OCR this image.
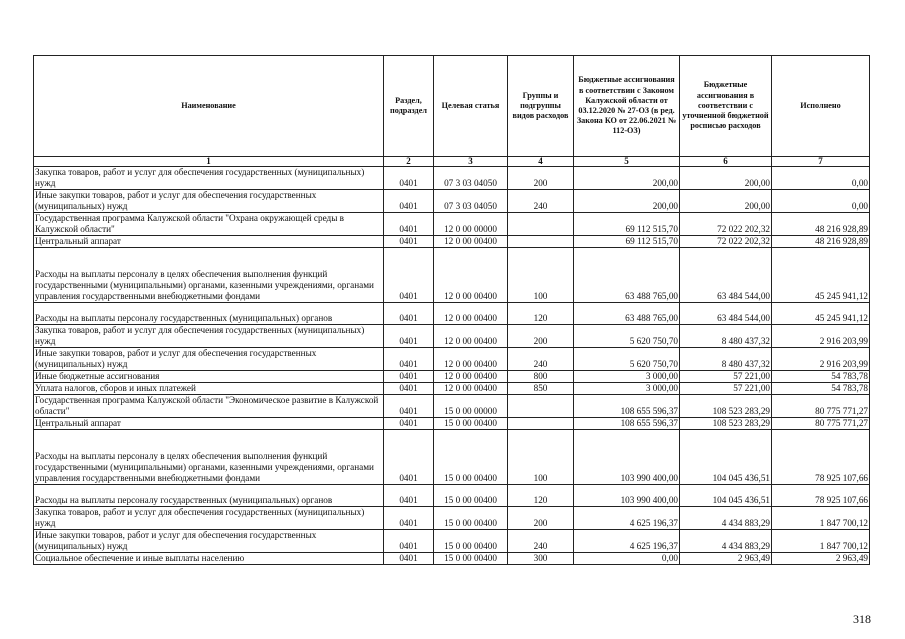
Наименование	Раздел, подраздел	Целевая статья	Группы и подгруппы видов расходов	Бюджетные ассигнования в соответствии с Законом Калужской области от 03.12.2020 № 27-ОЗ (в ред. Закона КО от 22.06.2021 № 112-ОЗ)	Бюджетные ассигнования в соответствии с уточненной бюджетной росписью расходов	Исполнено
1	2	3	4	5	6	7
Закупка товаров, работ и услуг для обеспечения государственных (муниципальных) нужд	0401	07 3 03 04050	200	200,00	200,00	0,00
Иные закупки товаров, работ и услуг для обеспечения государственных (муниципальных) нужд	0401	07 3 03 04050	240	200,00	200,00	0,00
Государственная программа Калужской области "Охрана окружающей среды в Калужской области"	0401	12 0 00 00000		69 112 515,70	72 022 202,32	48 216 928,89
Центральный аппарат	0401	12 0 00 00400		69 112 515,70	72 022 202,32	48 216 928,89
Расходы на выплаты персоналу в целях обеспечения выполнения функций государственными (муниципальными) органами, казенными учреждениями, органами управления государственными внебюджетными фондами	0401	12 0 00 00400	100	63 488 765,00	63 484 544,00	45 245 941,12
Расходы на выплаты персоналу государственных (муниципальных) органов	0401	12 0 00 00400	120	63 488 765,00	63 484 544,00	45 245 941,12
Закупка товаров, работ и услуг для обеспечения государственных (муниципальных) нужд	0401	12 0 00 00400	200	5 620 750,70	8 480 437,32	2 916 203,99
Иные закупки товаров, работ и услуг для обеспечения государственных (муниципальных) нужд	0401	12 0 00 00400	240	5 620 750,70	8 480 437,32	2 916 203,99
Иные бюджетные ассигнования	0401	12 0 00 00400	800	3 000,00	57 221,00	54 783,78
Уплата налогов, сборов и иных платежей	0401	12 0 00 00400	850	3 000,00	57 221,00	54 783,78
Государственная программа Калужской области "Экономическое развитие в Калужской области"	0401	15 0 00 00000		108 655 596,37	108 523 283,29	80 775 771,27
Центральный аппарат	0401	15 0 00 00400		108 655 596,37	108 523 283,29	80 775 771,27
Расходы на выплаты персоналу в целях обеспечения выполнения функций государственными (муниципальными) органами, казенными учреждениями, органами управления государственными внебюджетными фондами	0401	15 0 00 00400	100	103 990 400,00	104 045 436,51	78 925 107,66
Расходы на выплаты персоналу государственных (муниципальных) органов	0401	15 0 00 00400	120	103 990 400,00	104 045 436,51	78 925 107,66
Закупка товаров, работ и услуг для обеспечения государственных (муниципальных) нужд	0401	15 0 00 00400	200	4 625 196,37	4 434 883,29	1 847 700,12
Иные закупки товаров, работ и услуг для обеспечения государственных (муниципальных) нужд	0401	15 0 00 00400	240	4 625 196,37	4 434 883,29	1 847 700,12
Социальное обеспечение и иные выплаты населению	0401	15 0 00 00400	300	0,00	2 963,49	2 963,49
318
